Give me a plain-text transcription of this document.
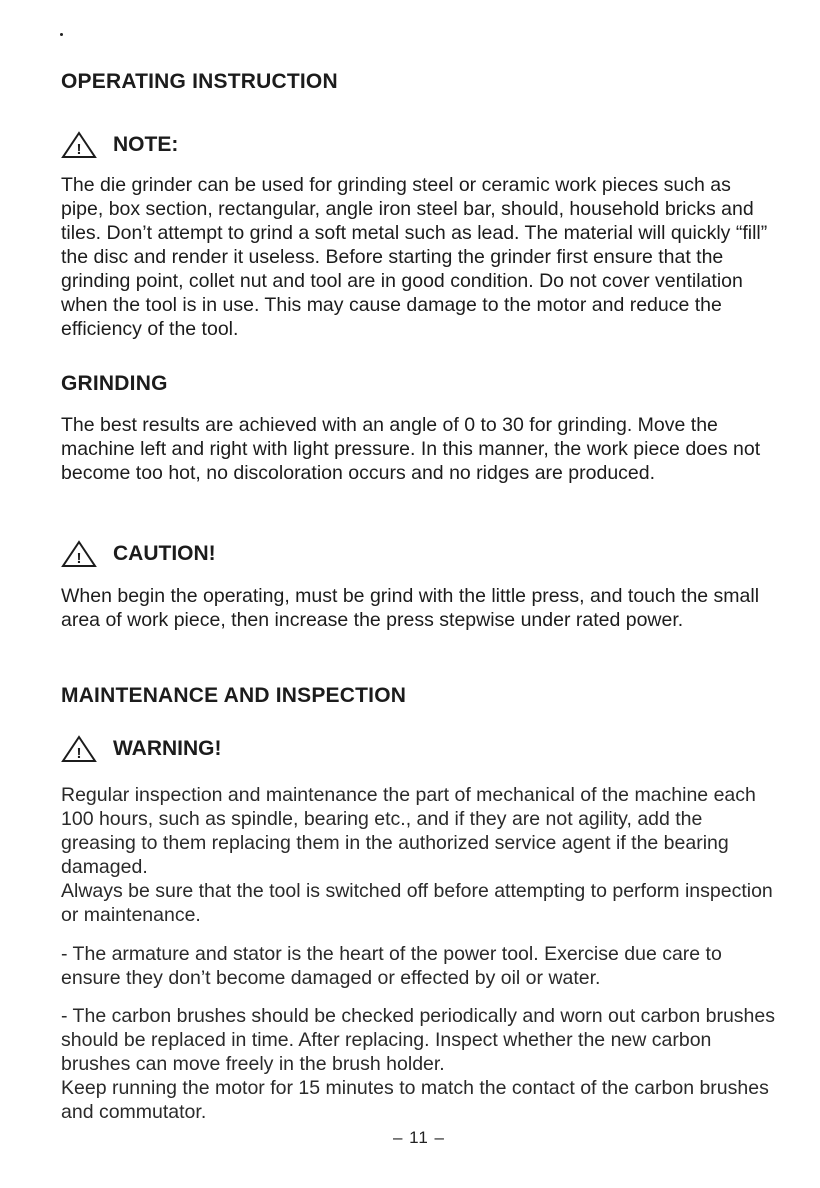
OPERATING INSTRUCTION
! NOTE:

The die grinder can be used for grinding steel or ceramic work pieces such as pipe, box section, rectangular, angle iron steel bar, should, household bricks and tiles. Don’t attempt to grind a soft metal such as lead. The material will quickly “fill” the disc and render it useless. Before starting the grinder first ensure that the grinding point, collet nut and tool are in good condition. Do not cover ventilation when the tool is in use. This may cause damage to the motor and reduce the efficiency of the tool.

GRINDING

The best results are achieved with an angle of 0 to 30 for grinding. Move the machine left and right with light pressure. In this manner, the work piece does not become too hot, no discoloration occurs and no ridges are produced.

! CAUTION!

When begin the operating, must be grind with the little press, and touch the small area of work piece, then increase the press stepwise under rated power.

MAINTENANCE AND INSPECTION
! WARNING!

Regular inspection and maintenance the part of mechanical of the machine each 100 hours, such as spindle, bearing etc., and if they are not agility, add the greasing to them replacing them in the authorized service agent if the bearing damaged.

Always be sure that the tool is switched off before attempting to perform inspection or maintenance.

- The armature and stator is the heart of the power tool. Exercise due care to ensure they don’t become damaged or effected by oil or water.

- The carbon brushes should be checked periodically and worn out carbon brushes should be replaced in time. After replacing. Inspect whether the new carbon brushes can move freely in the brush holder.

Keep running the motor for 15 minutes to match the contact of the carbon brushes and commutator.

– 11 –
